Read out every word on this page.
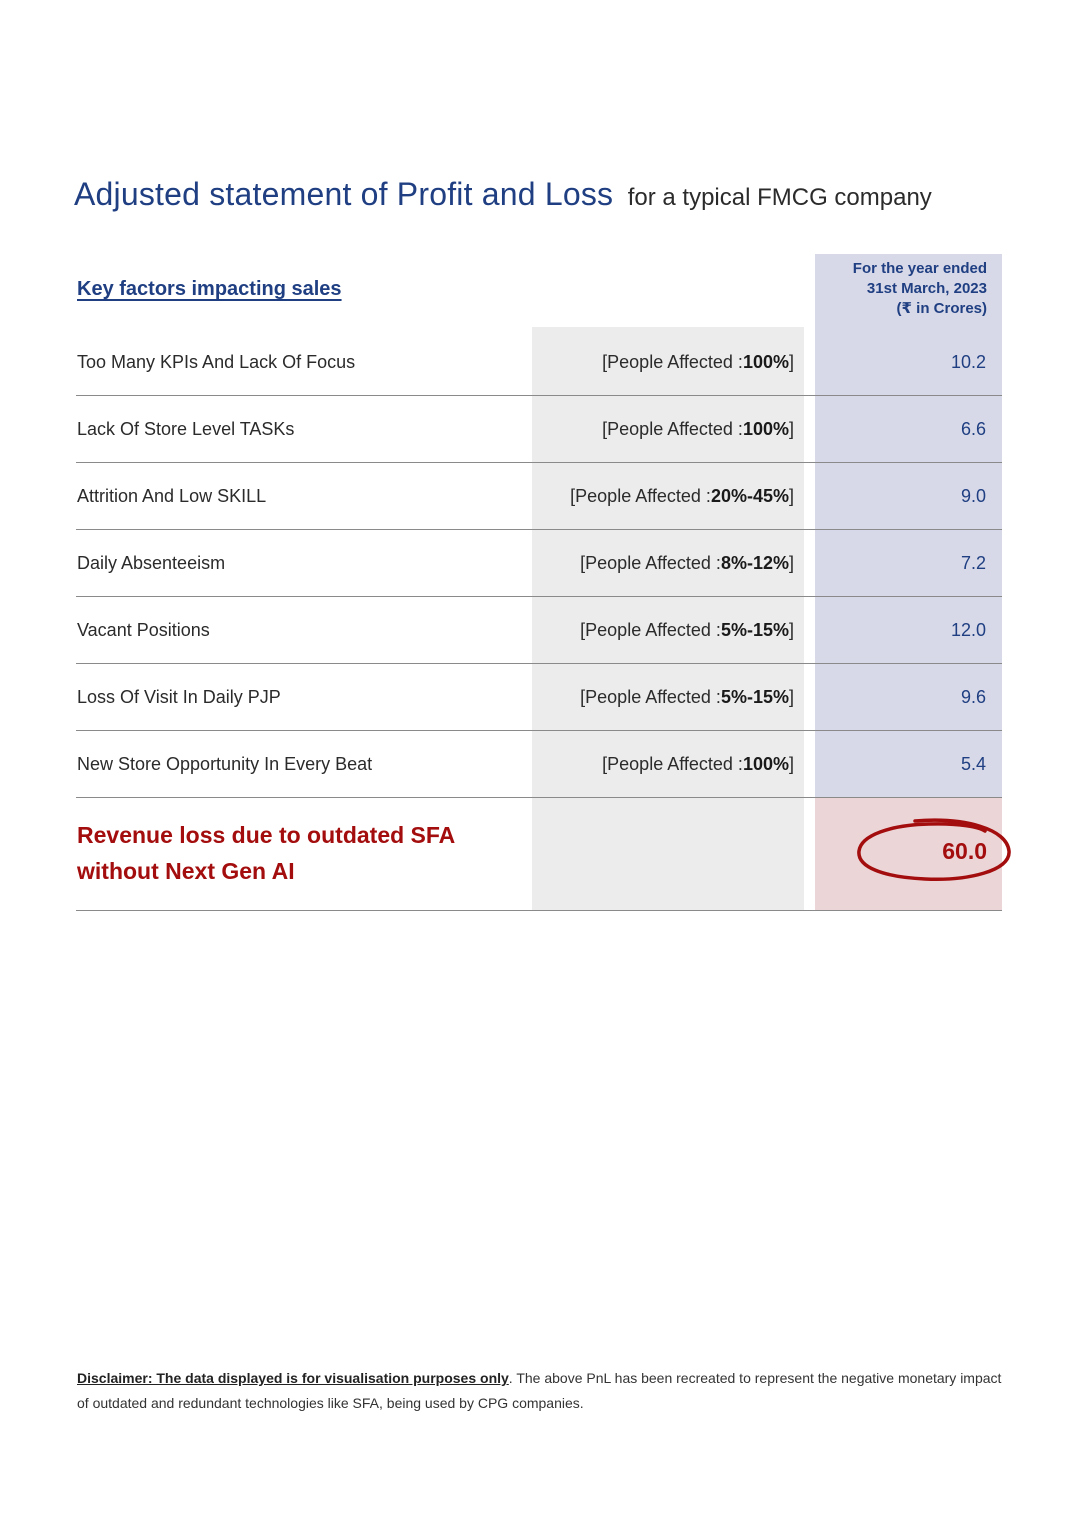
Adjusted statement of Profit and Loss for a typical FMCG company
Key factors impacting sales
For the year ended
31st March, 2023
(₹ in Crores)
Too Many KPIs And Lack Of Focus	[People Affected :100%]	10.2
Lack Of Store Level TASKs	[People Affected :100%]	6.6
Attrition And Low SKILL	[People Affected :20%-45%]	9.0
Daily Absenteeism	[People Affected :8%-12%]	7.2
Vacant Positions	[People Affected :5%-15%]	12.0
Loss Of Visit In Daily PJP	[People Affected :5%-15%]	9.6
New Store Opportunity In Every Beat	[People Affected :100%]	5.4
Revenue loss due to outdated SFA
without Next Gen AI
60.0
Disclaimer: The data displayed is for visualisation purposes only. The above PnL has been recreated to represent the negative monetary impact of outdated and redundant technologies like SFA, being used by CPG companies.
